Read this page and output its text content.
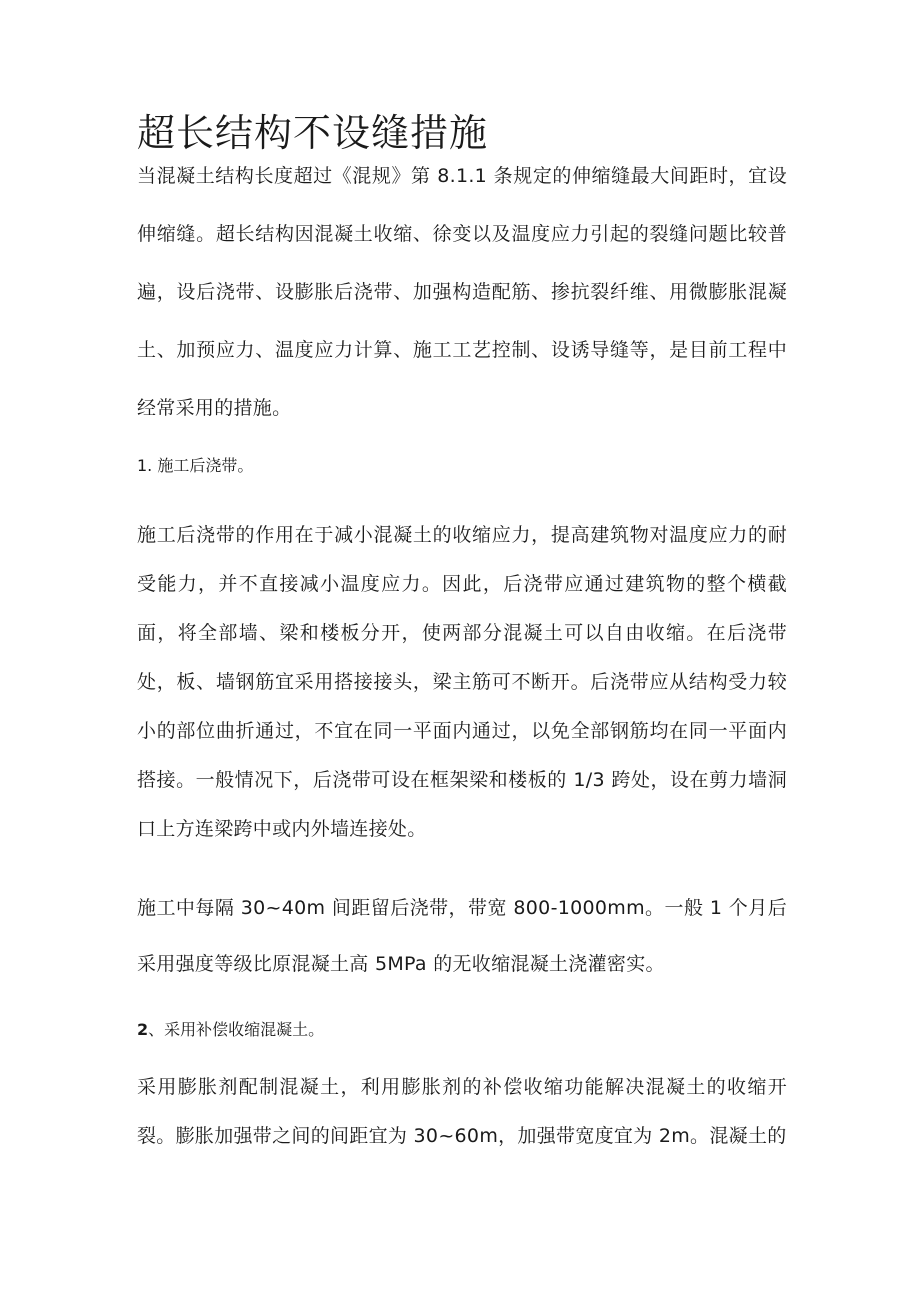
超长结构不设缝措施

当混凝土结构长度超过《混规》第 8.1.1 条规定的伸缩缝最大间距时，宜设伸缩缝。超长结构因混凝土收缩、徐变以及温度应力引起的裂缝问题比较普遍，设后浇带、设膨胀后浇带、加强构造配筋、掺抗裂纤维、用微膨胀混凝土、加预应力、温度应力计算、施工工艺控制、设诱导缝等，是目前工程中经常采用的措施。

1. 施工后浇带。

施工后浇带的作用在于减小混凝土的收缩应力，提高建筑物对温度应力的耐受能力，并不直接减小温度应力。因此，后浇带应通过建筑物的整个横截面，将全部墙、梁和楼板分开，使两部分混凝土可以自由收缩。在后浇带处，板、墙钢筋宜采用搭接接头，梁主筋可不断开。后浇带应从结构受力较小的部位曲折通过，不宜在同一平面内通过，以免全部钢筋均在同一平面内搭接。一般情况下，后浇带可设在框架梁和楼板的 1/3 跨处，设在剪力墙洞口上方连梁跨中或内外墙连接处。

施工中每隔 30~40m 间距留后浇带，带宽 800-1000mm。一般 1 个月后采用强度等级比原混凝土高 5MPa 的无收缩混凝土浇灌密实。

2、采用补偿收缩混凝土。

采用膨胀剂配制混凝土，利用膨胀剂的补偿收缩功能解决混凝土的收缩开裂。膨胀加强带之间的间距宜为 30~60m，加强带宽度宜为 2m。混凝土的
